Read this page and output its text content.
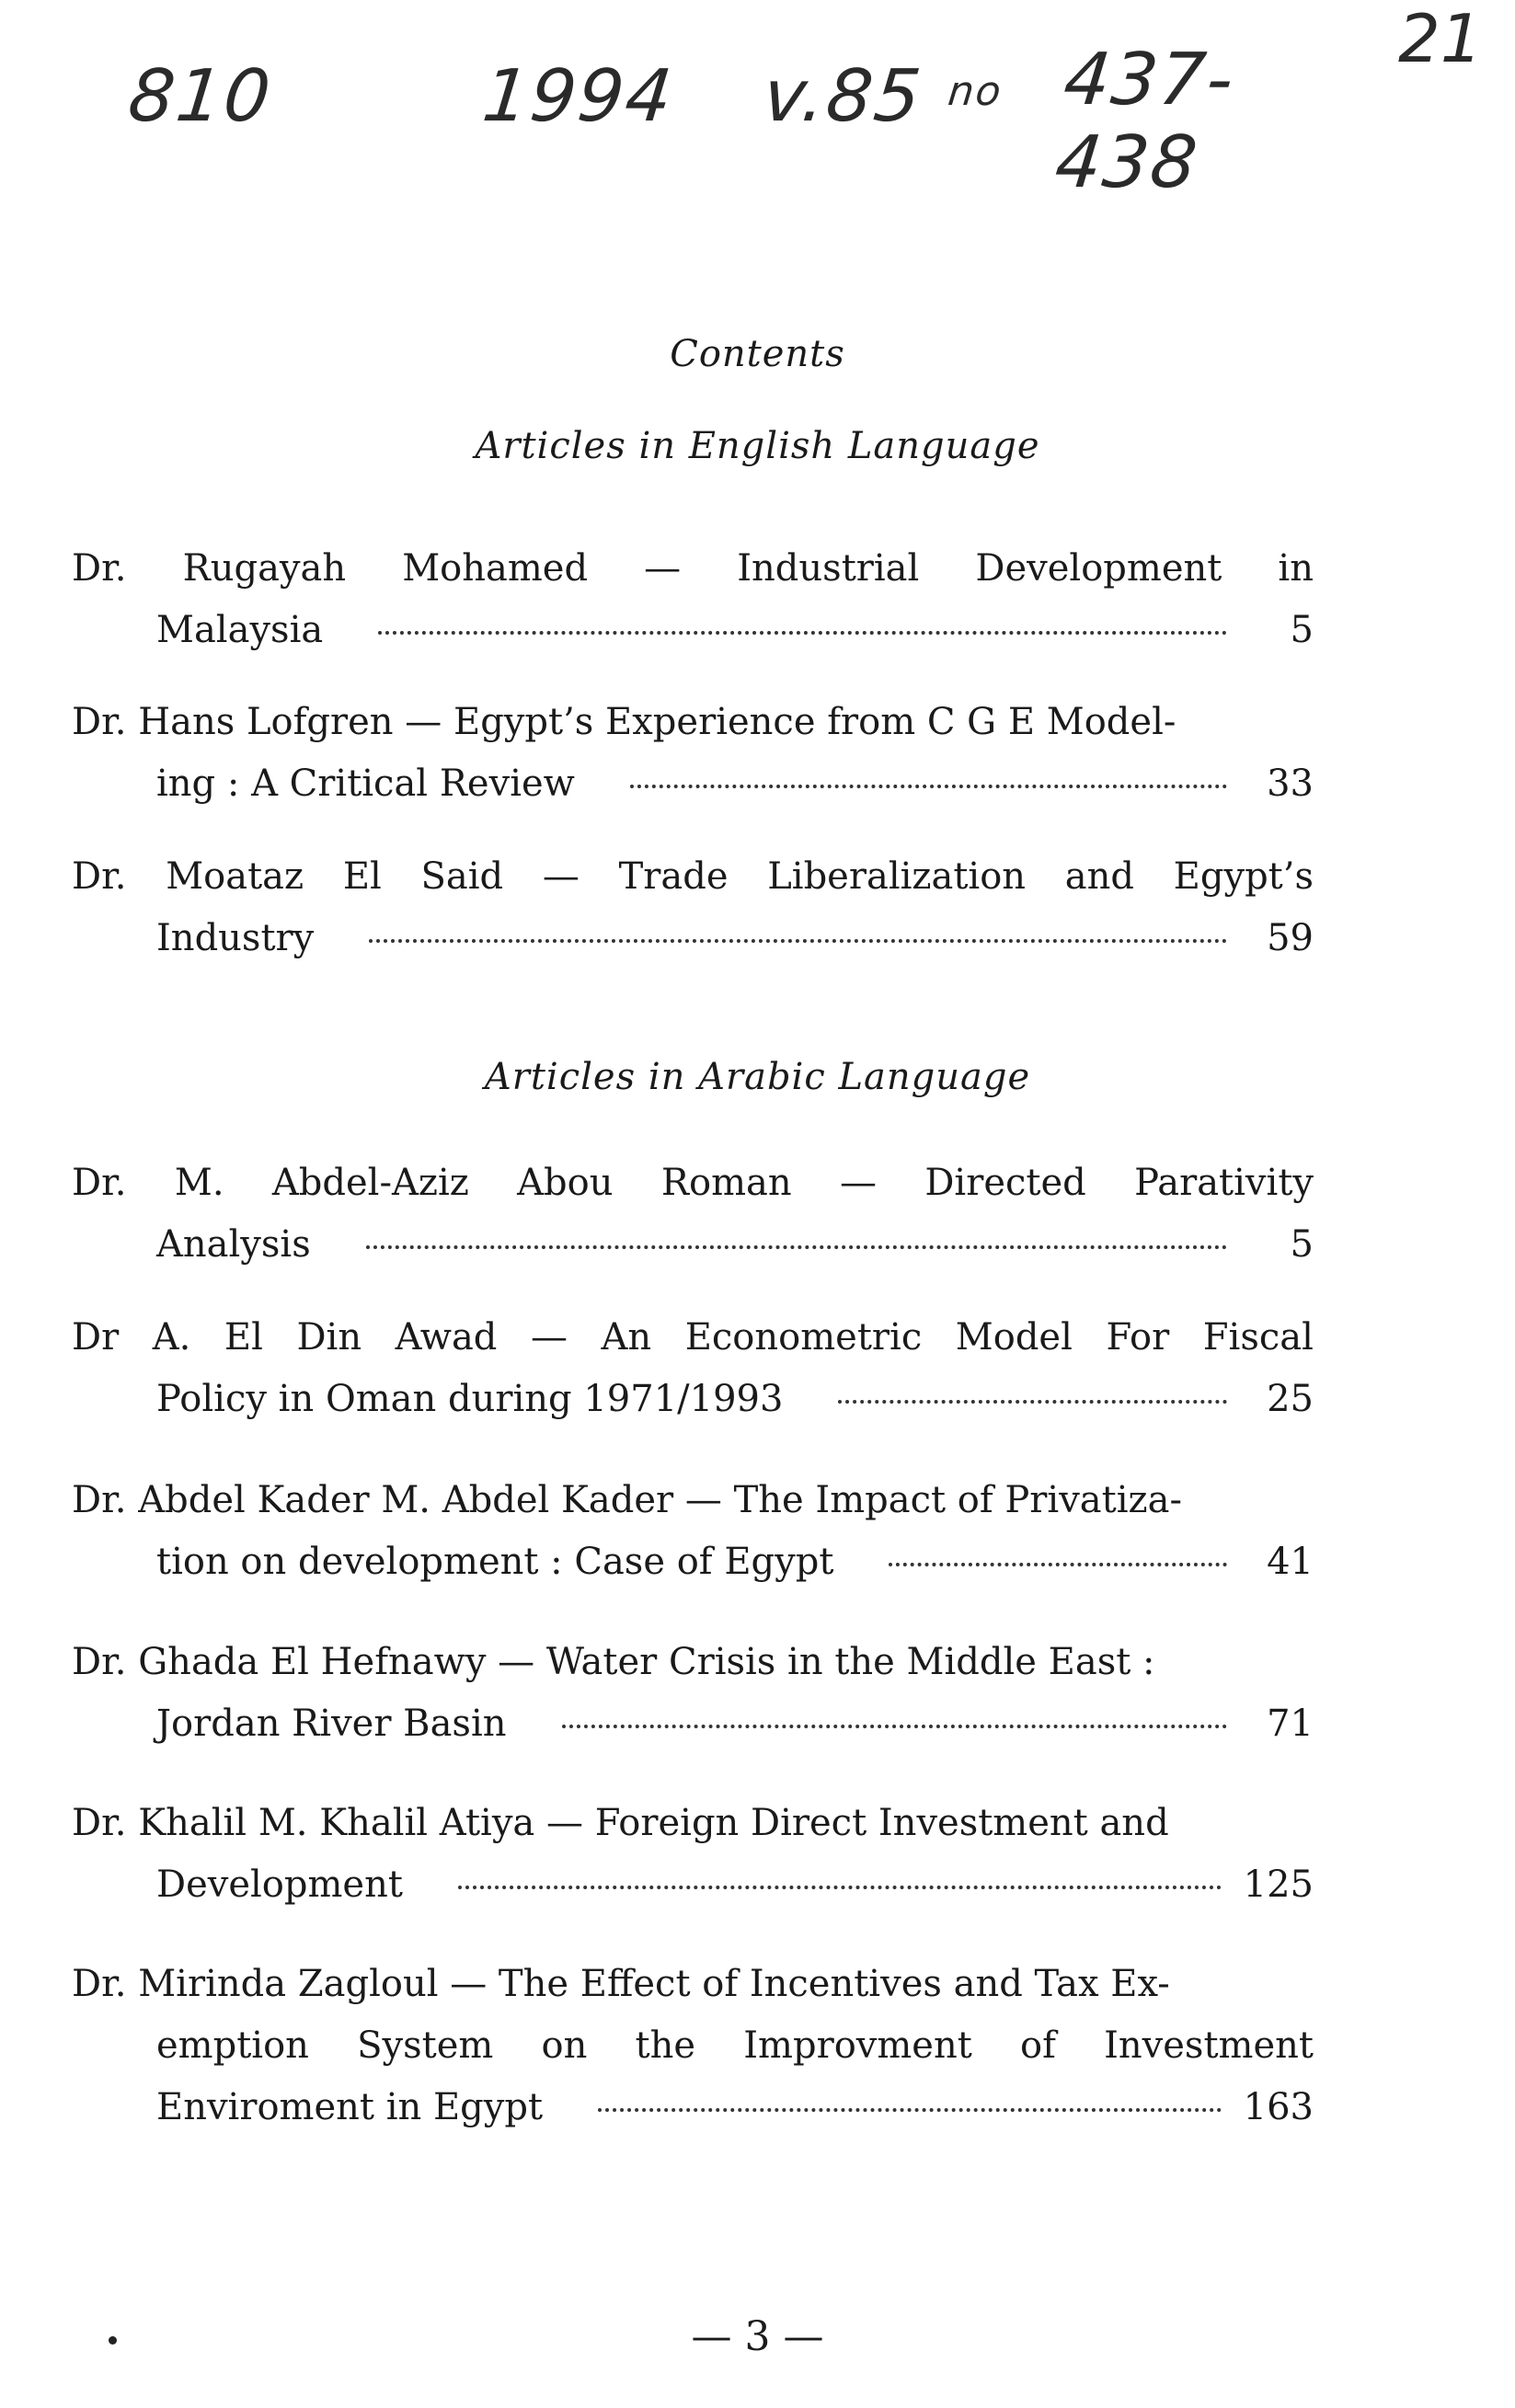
810	1994 v.85 no 437-438
21
Contents
Articles in English Language
Articles in Arabic Language
Dr. Rugayah Mohamed — Industrial Development in
Malaysia	5
Dr. Hans Lofgren — Egypt’s Experience from C G E Model-
ing : A Critical Review	33
Dr. Moataz El Said — Trade Liberalization and Egypt’s
Industry	59
Dr. M. Abdel-Aziz Abou Roman — Directed Parativity
Analysis	5
Dr A. El Din Awad — An Econometric Model For Fiscal
Policy in Oman during 1971/1993	25
Dr. Abdel Kader M. Abdel Kader — The Impact of Privatiza-
tion on development : Case of Egypt	41
Dr. Ghada El Hefnawy — Water Crisis in the Middle East :
Jordan River Basin	71
Dr. Khalil M. Khalil Atiya — Foreign Direct Investment and
Development	125
Dr. Mirinda Zagloul — The Effect of Incentives and Tax Ex-
emption System on the Improvment of Investment
Enviroment in Egypt	163
— 3 —
